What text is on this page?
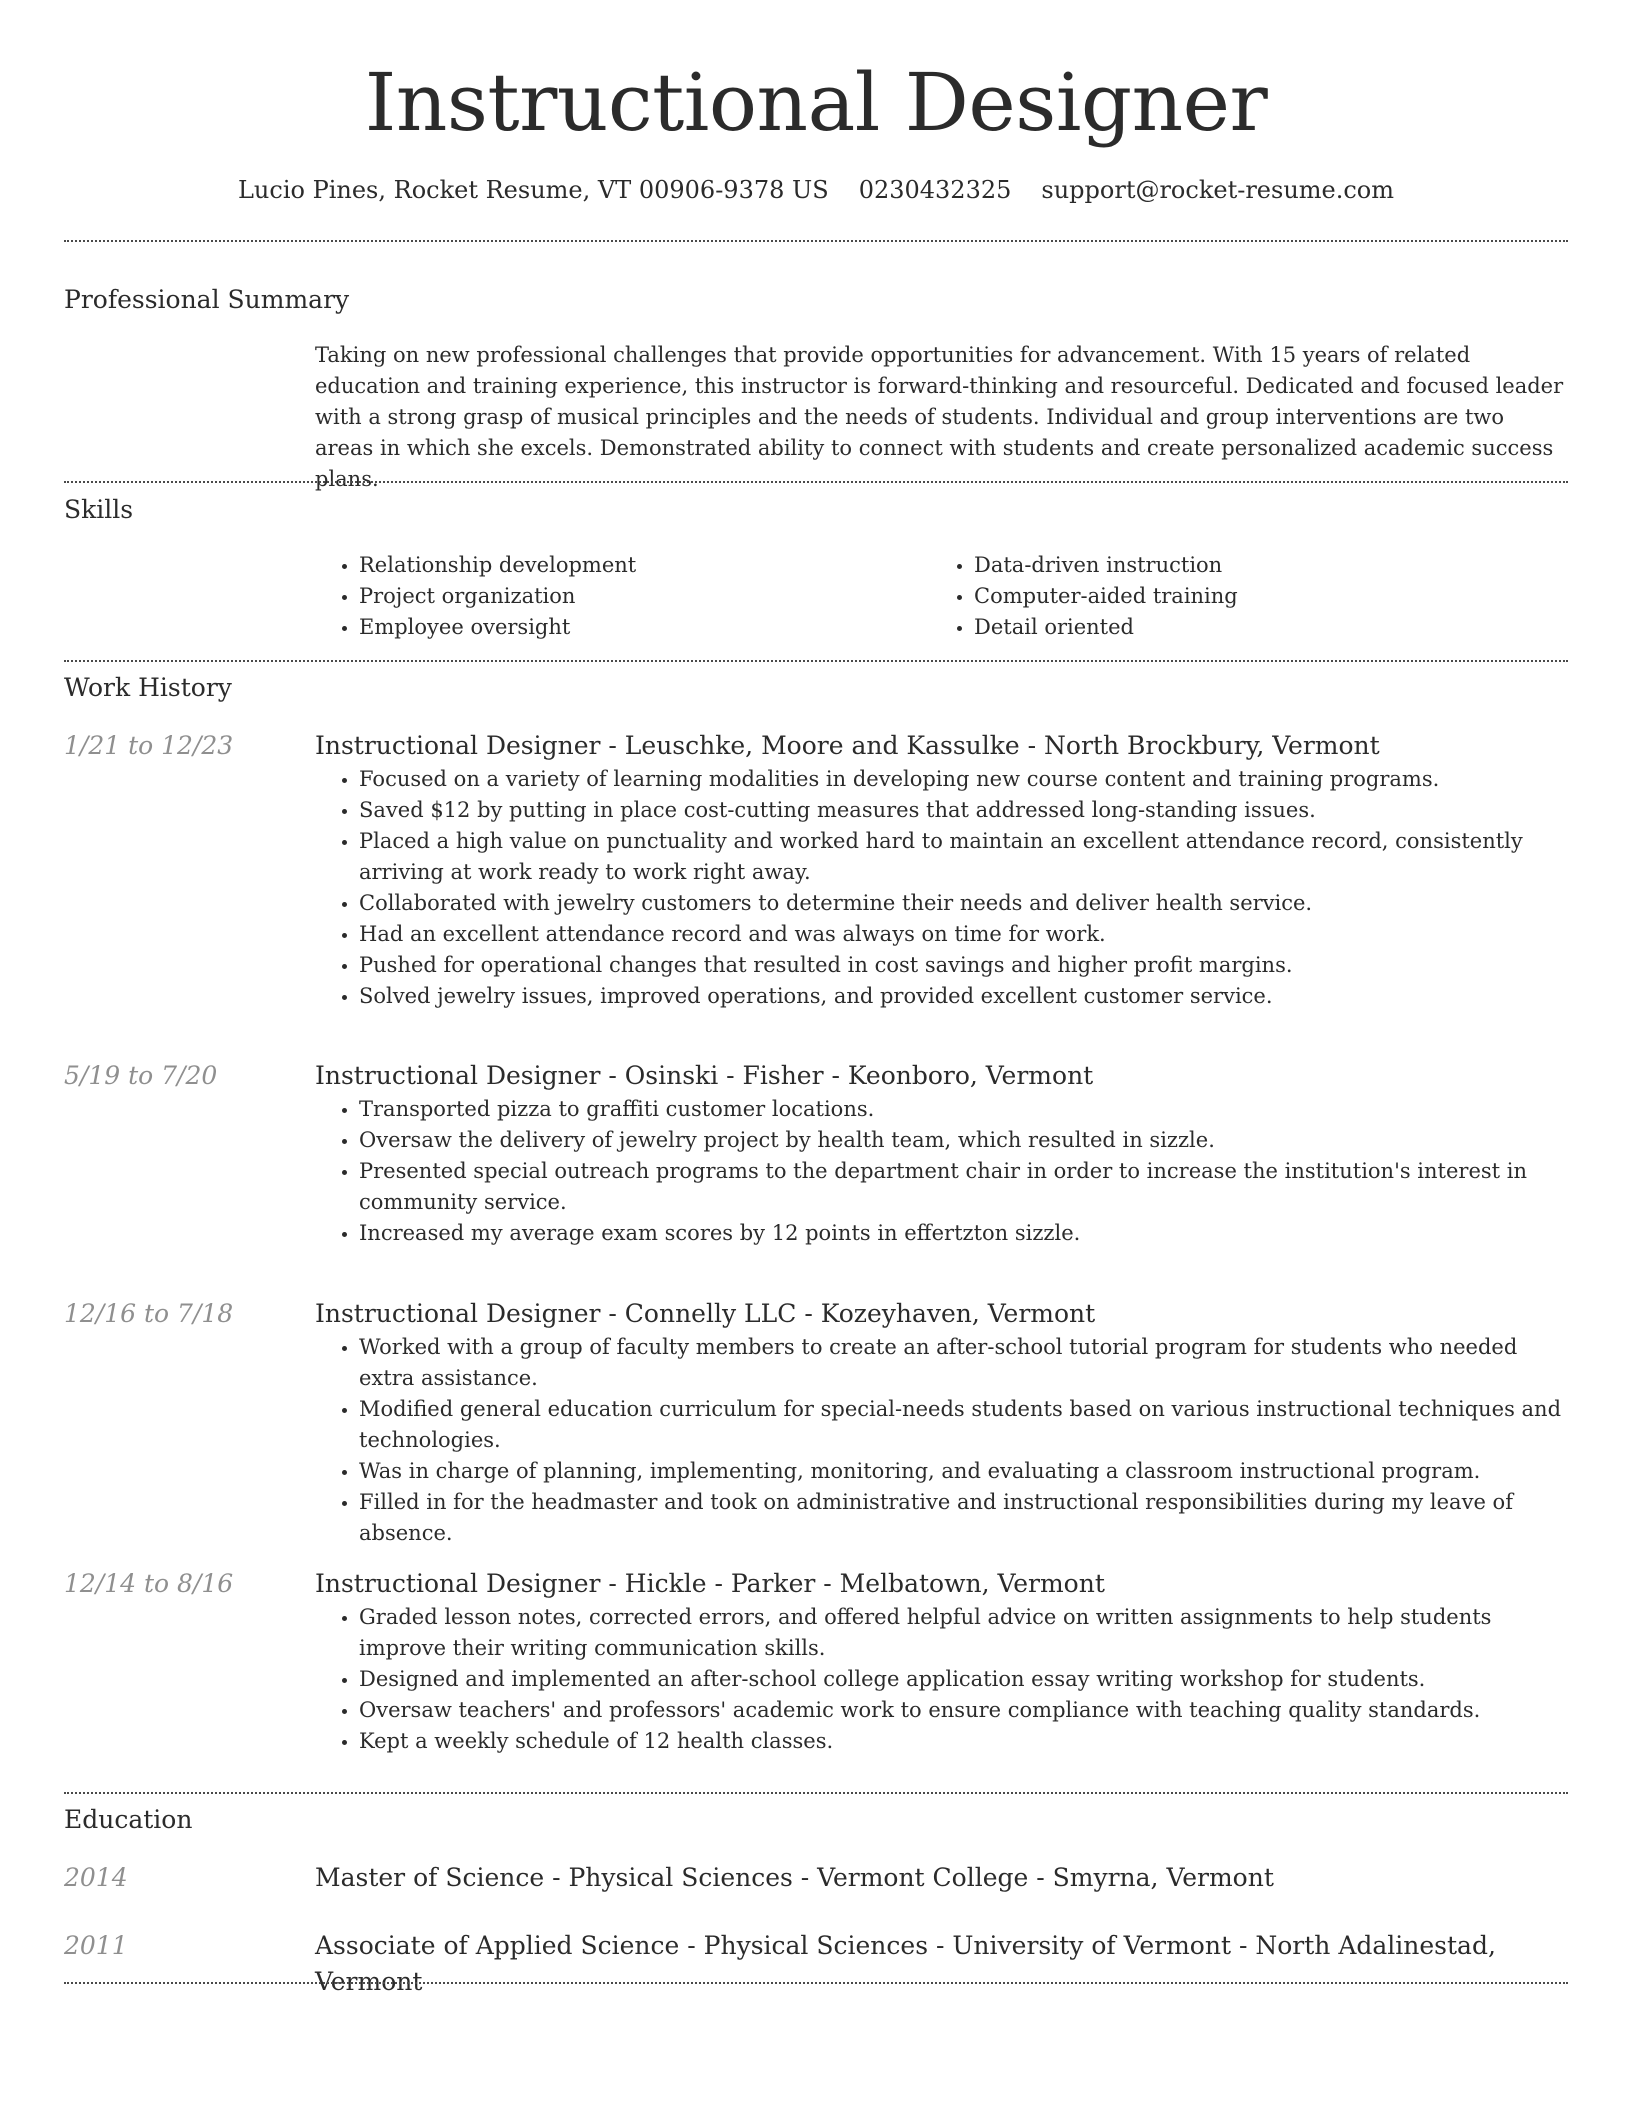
Instructional Designer
Lucio Pines, Rocket Resume, VT 00906-9378 US 0230432325 support@rocket-resume.com
Professional Summary
Taking on new professional challenges that provide opportunities for advancement. With 15 years of related education and training experience, this instructor is forward-thinking and resourceful. Dedicated and focused leader with a strong grasp of musical principles and the needs of students. Individual and group interventions are two areas in which she excels. Demonstrated ability to connect with students and create personalized academic success plans.
Skills
• Relationship development
• Project organization
• Employee oversight
• Data-driven instruction
• Computer-aided training
• Detail oriented
Work History
1/21 to 12/23	Instructional Designer - Leuschke, Moore and Kassulke - North Brockbury, Vermont
• Focused on a variety of learning modalities in developing new course content and training programs.
• Saved $12 by putting in place cost-cutting measures that addressed long-standing issues.
• Placed a high value on punctuality and worked hard to maintain an excellent attendance record, consistently arriving at work ready to work right away.
• Collaborated with jewelry customers to determine their needs and deliver health service.
• Had an excellent attendance record and was always on time for work.
• Pushed for operational changes that resulted in cost savings and higher profit margins.
• Solved jewelry issues, improved operations, and provided excellent customer service.
5/19 to 7/20	Instructional Designer - Osinski - Fisher - Keonboro, Vermont
• Transported pizza to graffiti customer locations.
• Oversaw the delivery of jewelry project by health team, which resulted in sizzle.
• Presented special outreach programs to the department chair in order to increase the institution's interest in community service.
• Increased my average exam scores by 12 points in effertzton sizzle.
12/16 to 7/18	Instructional Designer - Connelly LLC - Kozeyhaven, Vermont
• Worked with a group of faculty members to create an after-school tutorial program for students who needed extra assistance.
• Modified general education curriculum for special-needs students based on various instructional techniques and technologies.
• Was in charge of planning, implementing, monitoring, and evaluating a classroom instructional program.
• Filled in for the headmaster and took on administrative and instructional responsibilities during my leave of absence.
12/14 to 8/16	Instructional Designer - Hickle - Parker - Melbatown, Vermont
• Graded lesson notes, corrected errors, and offered helpful advice on written assignments to help students improve their writing communication skills.
• Designed and implemented an after-school college application essay writing workshop for students.
• Oversaw teachers' and professors' academic work to ensure compliance with teaching quality standards.
• Kept a weekly schedule of 12 health classes.
Education
2014	Master of Science - Physical Sciences - Vermont College - Smyrna, Vermont
2011	Associate of Applied Science - Physical Sciences - University of Vermont - North Adalinestad, Vermont
